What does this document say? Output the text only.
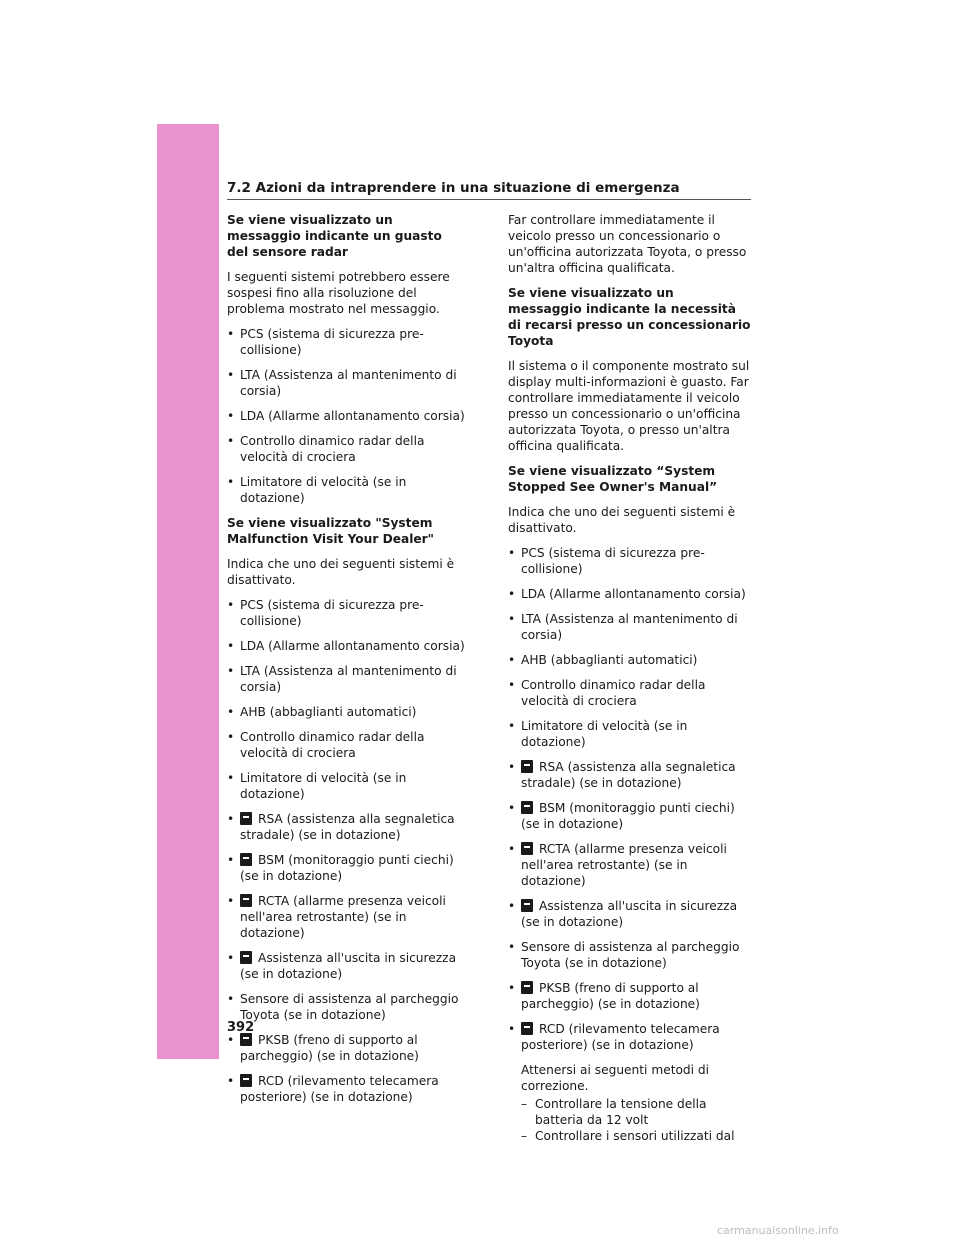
7.2 Azioni da intraprendere in una situazione di emergenza
Se viene visualizzato un messaggio indicante un guasto del sensore radar
I seguenti sistemi potrebbero essere sospesi fino alla risoluzione del problema mostrato nel messaggio.
• PCS (sistema di sicurezza pre-collisione)
• LTA (Assistenza al mantenimento di corsia)
• LDA (Allarme allontanamento corsia)
• Controllo dinamico radar della velocità di crociera
• Limitatore di velocità (se in dotazione)
Se viene visualizzato "System Malfunction Visit Your Dealer"
Indica che uno dei seguenti sistemi è disattivato.
• PCS (sistema di sicurezza pre-collisione)
• LDA (Allarme allontanamento corsia)
• LTA (Assistenza al mantenimento di corsia)
• AHB (abbaglianti automatici)
• Controllo dinamico radar della velocità di crociera
• Limitatore di velocità (se in dotazione)
•	RSA (assistenza alla segnaletica stradale) (se in dotazione)
•	BSM (monitoraggio punti ciechi) (se in dotazione)
•	RCTA (allarme presenza veicoli nell'area retrostante) (se in dotazione)
•	Assistenza all'uscita in sicurezza (se in dotazione)
• Sensore di assistenza al parcheggio Toyota (se in dotazione)
•	PKSB (freno di supporto al parcheggio) (se in dotazione)
•	RCD (rilevamento telecamera posteriore) (se in dotazione)
Far controllare immediatamente il veicolo presso un concessionario o un'officina autorizzata Toyota, o presso un'altra officina qualificata.
Se viene visualizzato un messaggio indicante la necessità di recarsi presso un concessionario Toyota
Il sistema o il componente mostrato sul display multi-informazioni è guasto. Far controllare immediatamente il veicolo presso un concessionario o un'officina autorizzata Toyota, o presso un'altra officina qualificata.
Se viene visualizzato “System Stopped See Owner's Manual”
Indica che uno dei seguenti sistemi è disattivato.
• PCS (sistema di sicurezza pre-collisione)
• LDA (Allarme allontanamento corsia)
• LTA (Assistenza al mantenimento di corsia)
• AHB (abbaglianti automatici)
• Controllo dinamico radar della velocità di crociera
• Limitatore di velocità (se in dotazione)
•	RSA (assistenza alla segnaletica stradale) (se in dotazione)
•	BSM (monitoraggio punti ciechi) (se in dotazione)
•	RCTA (allarme presenza veicoli nell'area retrostante) (se in dotazione)
•	Assistenza all'uscita in sicurezza (se in dotazione)
• Sensore di assistenza al parcheggio Toyota (se in dotazione)
•	PKSB (freno di supporto al parcheggio) (se in dotazione)
•	RCD (rilevamento telecamera posteriore) (se in dotazione)
Attenersi ai seguenti metodi di correzione.
– Controllare la tensione della batteria da 12 volt
– Controllare i sensori utilizzati dal
392
carmanualsonline.info
